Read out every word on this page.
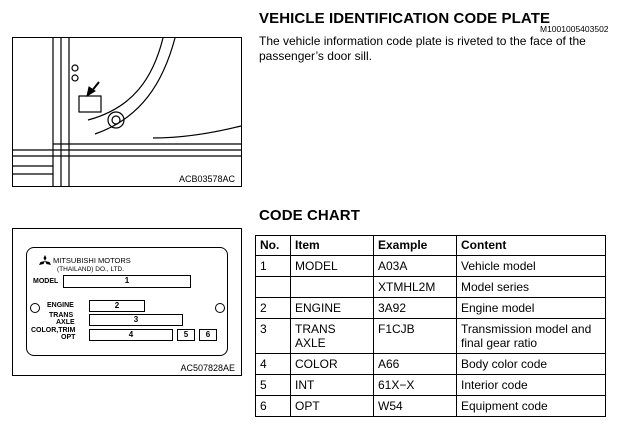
ACB03578AC
VEHICLE IDENTIFICATION CODE PLATE
M1001005403502
The vehicle information code plate is riveted to the face of the passenger’s door sill.
CODE CHART
MITSUBISHI MOTORS
(THAILAND) DO., LTD.
MODEL	1
ENGINE	2
TRANS
AXLE	3
COLOR,TRIM
OPT	4	5	6
AC507828AE
No.	Item	Example	Content
1	MODEL	A03A	Vehicle model
		XTMHL2M	Model series
2	ENGINE	3A92	Engine model
3	TRANS AXLE	F1CJB	Transmission model and final gear ratio
4	COLOR	A66	Body color code
5	INT	61X−X	Interior code
6	OPT	W54	Equipment code
